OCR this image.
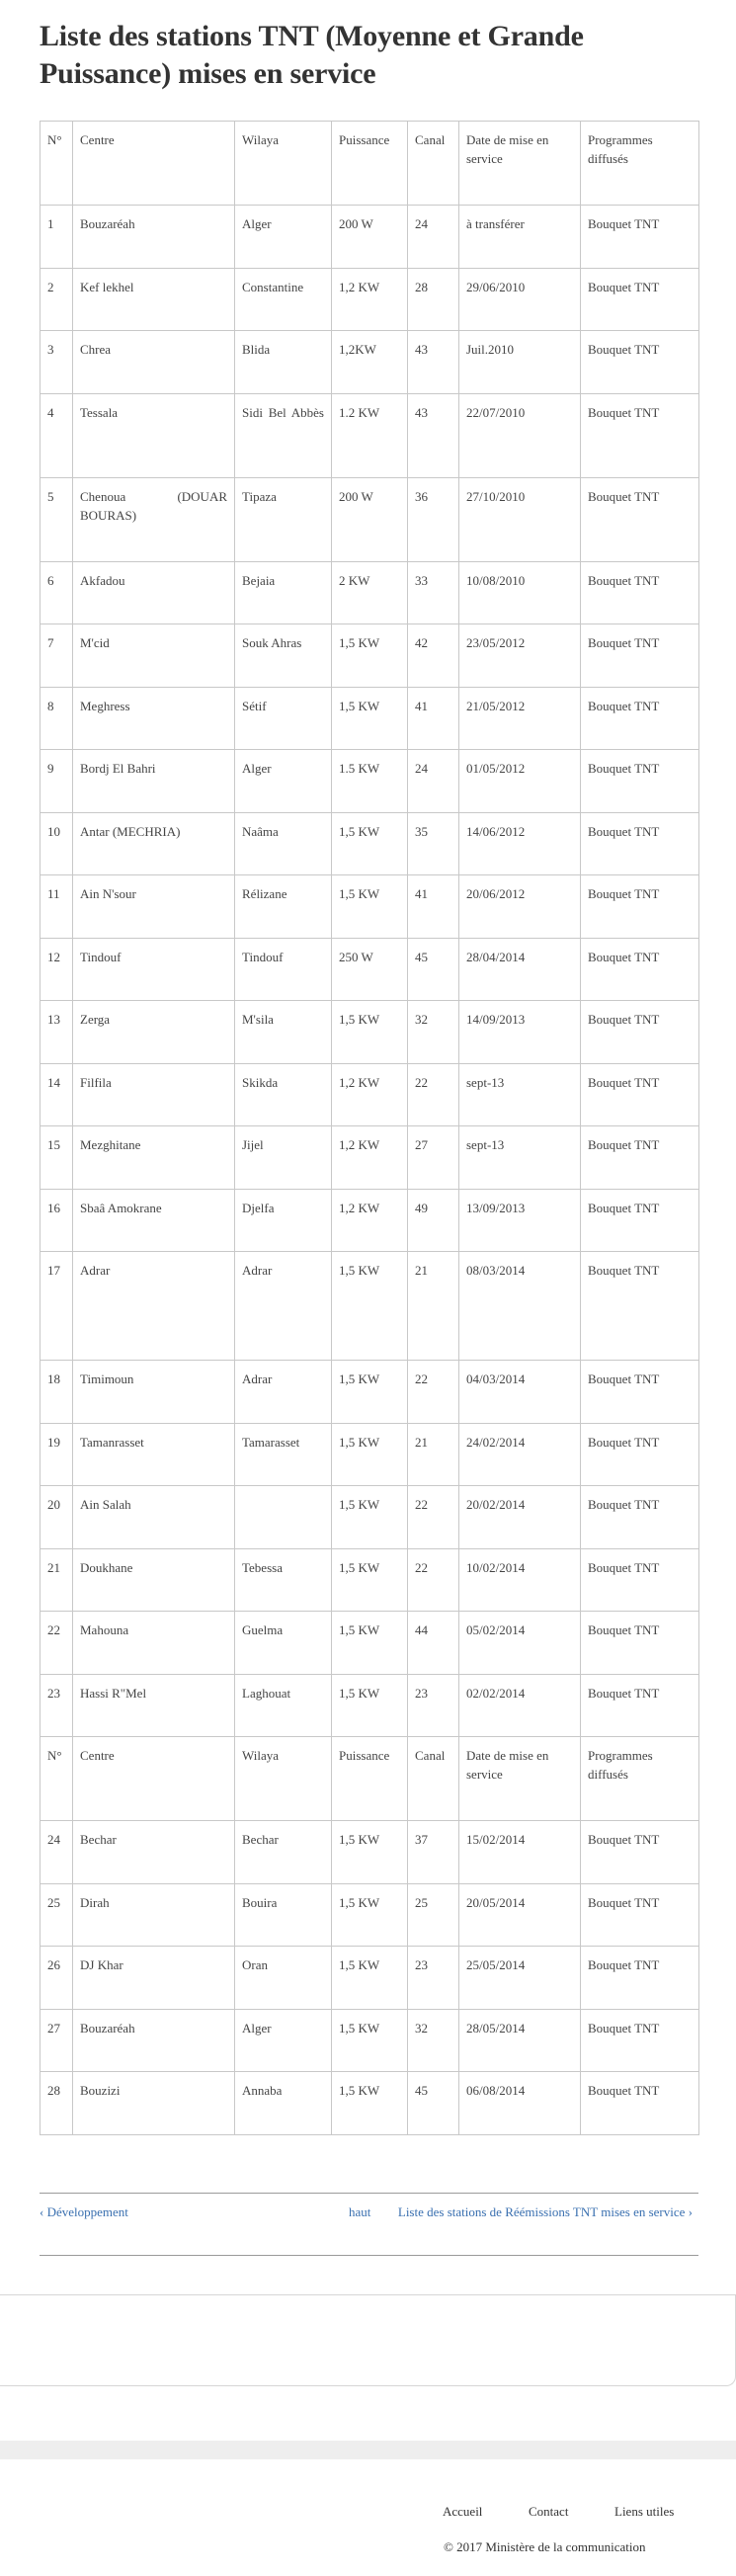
Liste des stations TNT (Moyenne et Grande Puissance) mises en service
N°	Centre	Wilaya	Puissance	Canal	Date de mise en service	Programmes diffusés
1	Bouzaréah	Alger	200 W	24	à transférer	Bouquet TNT
2	Kef lekhel	Constantine	1,2 KW	28	29/06/2010	Bouquet TNT
3	Chrea	Blida	1,2KW	43	Juil.2010	Bouquet TNT
4	Tessala	Sidi Bel Abbès	1.2 KW	43	22/07/2010	Bouquet TNT
5	Chenoua (DOUAR BOURAS)	Tipaza	200 W	36	27/10/2010	Bouquet TNT
6	Akfadou	Bejaia	2 KW	33	10/08/2010	Bouquet TNT
7	M'cid	Souk Ahras	1,5 KW	42	23/05/2012	Bouquet TNT
8	Meghress	Sétif	1,5 KW	41	21/05/2012	Bouquet TNT
9	Bordj El Bahri	Alger	1.5 KW	24	01/05/2012	Bouquet TNT
10	Antar (MECHRIA)	Naâma	1,5 KW	35	14/06/2012	Bouquet TNT
11	Ain N'sour	Rélizane	1,5 KW	41	20/06/2012	Bouquet TNT
12	Tindouf	Tindouf	250 W	45	28/04/2014	Bouquet TNT
13	Zerga	M'sila	1,5 KW	32	14/09/2013	Bouquet TNT
14	Filfila	Skikda	1,2 KW	22	sept-13	Bouquet TNT
15	Mezghitane	Jijel	1,2 KW	27	sept-13	Bouquet TNT
16	Sbaâ Amokrane	Djelfa	1,2 KW	49	13/09/2013	Bouquet TNT
17	Adrar	Adrar	1,5 KW	21	08/03/2014	Bouquet TNT
18	Timimoun	Adrar	1,5 KW	22	04/03/2014	Bouquet TNT
19	Tamanrasset	Tamarasset	1,5 KW	21	24/02/2014	Bouquet TNT
20	Ain Salah		1,5 KW	22	20/02/2014	Bouquet TNT
21	Doukhane	Tebessa	1,5 KW	22	10/02/2014	Bouquet TNT
22	Mahouna	Guelma	1,5 KW	44	05/02/2014	Bouquet TNT
23	Hassi R"Mel	Laghouat	1,5 KW	23	02/02/2014	Bouquet TNT
N°	Centre	Wilaya	Puissance	Canal	Date de mise en service	Programmes diffusés
24	Bechar	Bechar	1,5 KW	37	15/02/2014	Bouquet TNT
25	Dirah	Bouira	1,5 KW	25	20/05/2014	Bouquet TNT
26	DJ Khar	Oran	1,5 KW	23	25/05/2014	Bouquet TNT
27	Bouzaréah	Alger	1,5 KW	32	28/05/2014	Bouquet TNT
28	Bouzizi	Annaba	1,5 KW	45	06/08/2014	Bouquet TNT
‹ Développement	haut Liste des stations de Réémissions TNT mises en service ›
Accueil	Contact	Liens utiles
© 2017 Ministère de la communication
